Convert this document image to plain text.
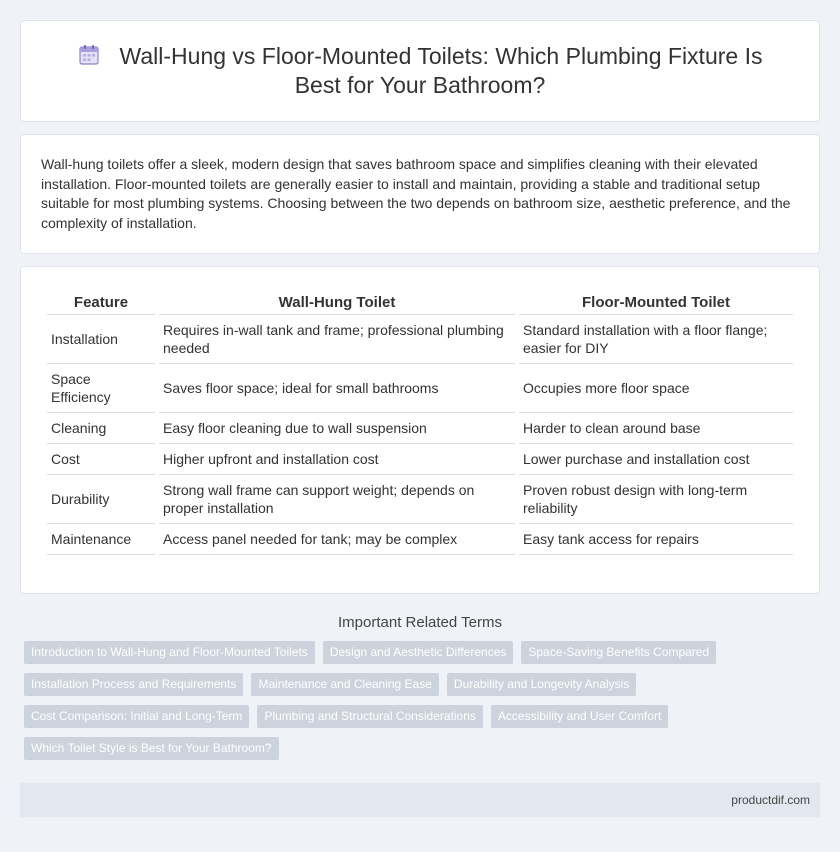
Wall-Hung vs Floor-Mounted Toilets: Which Plumbing Fixture Is Best for Your Bathroom?

Wall-hung toilets offer a sleek, modern design that saves bathroom space and simplifies cleaning with their elevated installation. Floor-mounted toilets are generally easier to install and maintain, providing a stable and traditional setup suitable for most plumbing systems. Choosing between the two depends on bathroom size, aesthetic preference, and the complexity of installation.

Feature	Wall-Hung Toilet	Floor-Mounted Toilet
Installation	Requires in-wall tank and frame; professional plumbing needed	Standard installation with a floor flange; easier for DIY
Space Efficiency	Saves floor space; ideal for small bathrooms	Occupies more floor space
Cleaning	Easy floor cleaning due to wall suspension	Harder to clean around base
Cost	Higher upfront and installation cost	Lower purchase and installation cost
Durability	Strong wall frame can support weight; depends on proper installation	Proven robust design with long-term reliability
Maintenance	Access panel needed for tank; may be complex	Easy tank access for repairs
Important Related Terms
Introduction to Wall-Hung and Floor-Mounted Toilets	Design and Aesthetic Differences	Space-Saving Benefits Compared
Installation Process and Requirements	Maintenance and Cleaning Ease	Durability and Longevity Analysis
Cost Comparison: Initial and Long-Term	Plumbing and Structural Considerations	Accessibility and User Comfort
Which Toilet Style is Best for Your Bathroom?
productdif.com
